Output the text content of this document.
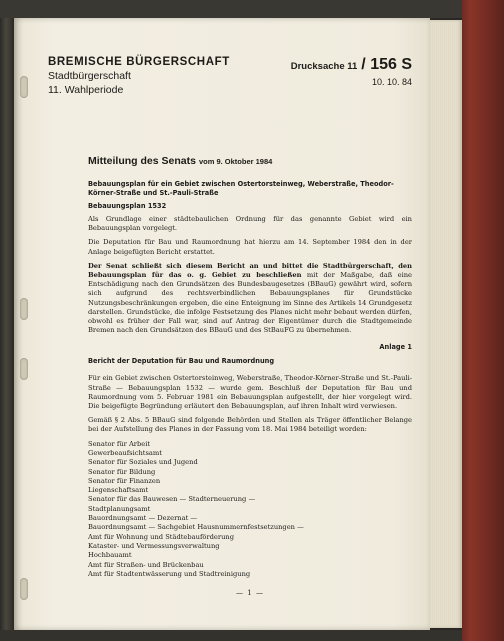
BREMISCHE BÜRGERSCHAFT
Stadtbürgerschaft
11. Wahlperiode
Drucksache 11 / 156 S
10. 10. 84
Mitteilung des Senats vom 9. Oktober 1984
Bebauungsplan für ein Gebiet zwischen Ostertorsteinweg, Weberstraße, Theodor-Körner-Straße und St.-Pauli-Straße
Bebauungsplan 1532
Als Grundlage einer städtebaulichen Ordnung für das genannte Gebiet wird ein Bebauungsplan vorgelegt.
Die Deputation für Bau und Raumordnung hat hierzu am 14. September 1984 den in der Anlage beigefügten Bericht erstattet.
Der Senat schließt sich diesem Bericht an und bittet die Stadtbürgerschaft, den Bebauungsplan für das o. g. Gebiet zu beschließen mit der Maßgabe, daß eine Entschädigung nach den Grundsätzen des Bundesbaugesetzes (BBauG) gewährt wird, sofern sich aufgrund des rechtsverbindlichen Bebauungsplanes für Grundstücke Nutzungsbeschränkungen ergeben, die eine Enteignung im Sinne des Artikels 14 Grundgesetz darstellen. Grundstücke, die infolge Festsetzung des Planes nicht mehr bebaut werden dürfen, obwohl es früher der Fall war, sind auf Antrag der Eigentümer durch die Stadtgemeinde Bremen nach den Grundsätzen des BBauG und des StBauFG zu übernehmen.
Anlage 1
Bericht der Deputation für Bau und Raumordnung
Für ein Gebiet zwischen Ostertorsteinweg, Weberstraße, Theodor-Körner-Straße und St.-Pauli-Straße — Bebauungsplan 1532 — wurde gem. Beschluß der Deputation für Bau und Raumordnung vom 5. Februar 1981 ein Bebauungsplan aufgestellt, der hier vorgelegt wird. Die beigefügte Begründung erläutert den Bebauungsplan, auf ihren Inhalt wird verwiesen.
Gemäß § 2 Abs. 5 BBauG sind folgende Behörden und Stellen als Träger öffentlicher Belange bei der Aufstellung des Planes in der Fassung vom 18. Mai 1984 beteiligt worden:
Senator für Arbeit
Gewerbeaufsichtsamt
Senator für Soziales und Jugend
Senator für Bildung
Senator für Finanzen
Liegenschaftsamt
Senator für das Bauwesen — Stadterneuerung —
Stadtplanungsamt
Bauordnungsamt — Dezernat —
Bauordnungsamt — Sachgebiet Hausnummernfestsetzungen —
Amt für Wohnung und Städtebauförderung
Kataster- und Vermessungsverwaltung
Hochbauamt
Amt für Straßen- und Brückenbau
Amt für Stadtentwässerung und Stadtreinigung
— 1 —
